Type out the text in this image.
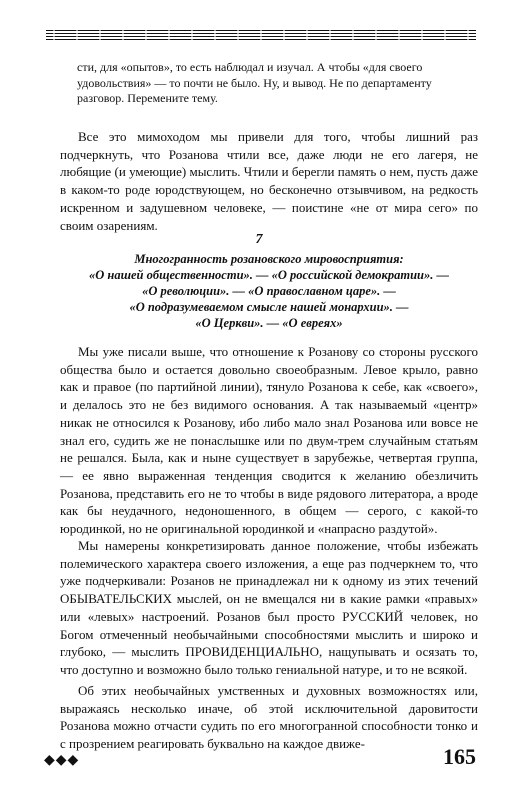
сти, для «опытов», то есть наблюдал и изучал. А чтобы «для своего

удовольствия» — то почти не было. Ну, и вывод. Не по департаменту

разговор. Перемените тему.

Все это мимоходом мы привели для того, чтобы лишний раз подчеркнуть, что Розанова чтили все, даже люди не его лагеря, не любящие (и умеющие) мыслить. Чтили и берегли память о нем, пусть даже в каком-то роде юродствующем, но бесконечно отзывчивом, на редкость искренном и задушевном человеке, — поистине «не от мира сего» по своим озарениям.

7
Многогранность розановского мировосприятия:
«О нашей общественности». — «О российской демократии». —
«О революции». — «О православном царе». —
«О подразумеваемом смысле нашей монархии». —
«О Церкви». — «О евреях»

Мы уже писали выше, что отношение к Розанову со стороны русского общества было и остается довольно своеобразным. Левое крыло, равно как и правое (по партийной линии), тянуло Розанова к себе, как «своего», и делалось это не без видимого основания. А так называемый «центр» никак не относился к Розанову, ибо либо мало знал Розанова или вовсе не знал его, судить же не понаслышке или по двум-трем случайным статьям не решался. Была, как и ныне существует в зарубежье, четвертая группа, — ее явно выраженная тенденция сводится к желанию обезличить Розанова, представить его не то чтобы в виде рядового литератора, а вроде как бы неудачного, недоношенного, в общем — серого, с какой-то юродинкой, но не оригинальной юродинкой и «напрасно раздутой».

Мы намерены конкретизировать данное положение, чтобы избежать полемического характера своего изложения, а еще раз подчеркнем то, что уже подчеркивали: Розанов не принадлежал ни к одному из этих течений ОБЫВАТЕЛЬСКИХ мыслей, он не вмещался ни в какие рамки «правых» или «левых» настроений. Розанов был просто РУССКИЙ человек, но Богом отмеченный необычайными способностями мыслить и широко и глубоко, — мыслить ПРОВИДЕНЦИАЛЬНО, нащупывать и осязать то, что доступно и возможно было только гениальной натуре, и то не всякой.

Об этих необычайных умственных и духовных возможностях или, выражаясь несколько иначе, об этой исключительной даровитости Розанова можно отчасти судить по его многогранной способности тонко и с прозрением реагировать буквально на каждое движе-

◆◆◆	165
